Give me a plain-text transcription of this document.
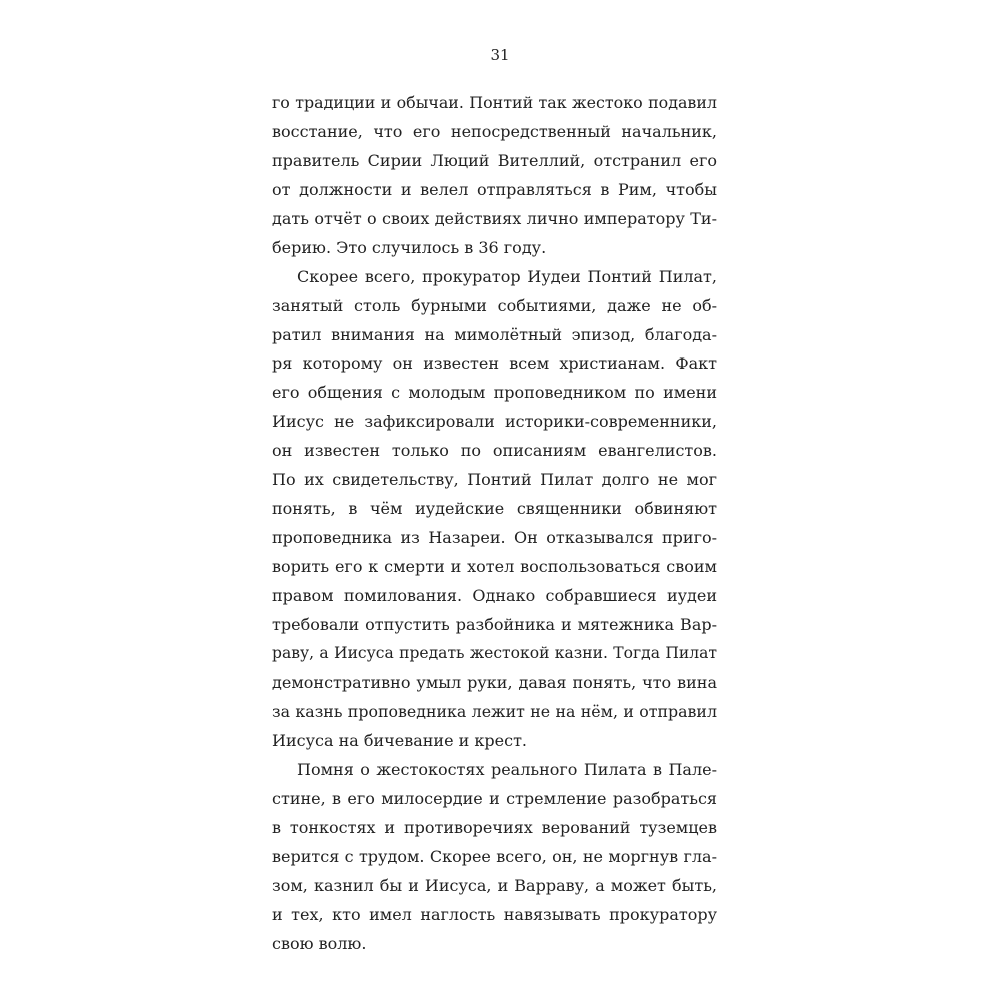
31
го традиции и обычаи. Понтий так жестоко подавил
восстание, что его непосредственный начальник,
правитель Сирии Люций Вителлий, отстранил его
от должности и велел отправляться в Рим, чтобы
дать отчёт о своих действиях лично императору Ти-
берию. Это случилось в 36 году.
Скорее всего, прокуратор Иудеи Понтий Пилат,
занятый столь бурными событиями, даже не об-
ратил внимания на мимолётный эпизод, благода-
ря которому он известен всем христианам. Факт
его общения с молодым проповедником по имени
Иисус не зафиксировали историки-современники,
он известен только по описаниям евангелистов.
По их свидетельству, Понтий Пилат долго не мог
понять, в чём иудейские священники обвиняют
проповедника из Назареи. Он отказывался приго-
ворить его к смерти и хотел воспользоваться своим
правом помилования. Однако собравшиеся иудеи
требовали отпустить разбойника и мятежника Вар-
раву, а Иисуса предать жестокой казни. Тогда Пилат
демонстративно умыл руки, давая понять, что вина
за казнь проповедника лежит не на нём, и отправил
Иисуса на бичевание и крест.
Помня о жестокостях реального Пилата в Пале-
стине, в его милосердие и стремление разобраться
в тонкостях и противоречиях верований туземцев
верится с трудом. Скорее всего, он, не моргнув гла-
зом, казнил бы и Иисуса, и Варраву, а может быть,
и тех, кто имел наглость навязывать прокуратору
свою волю.
